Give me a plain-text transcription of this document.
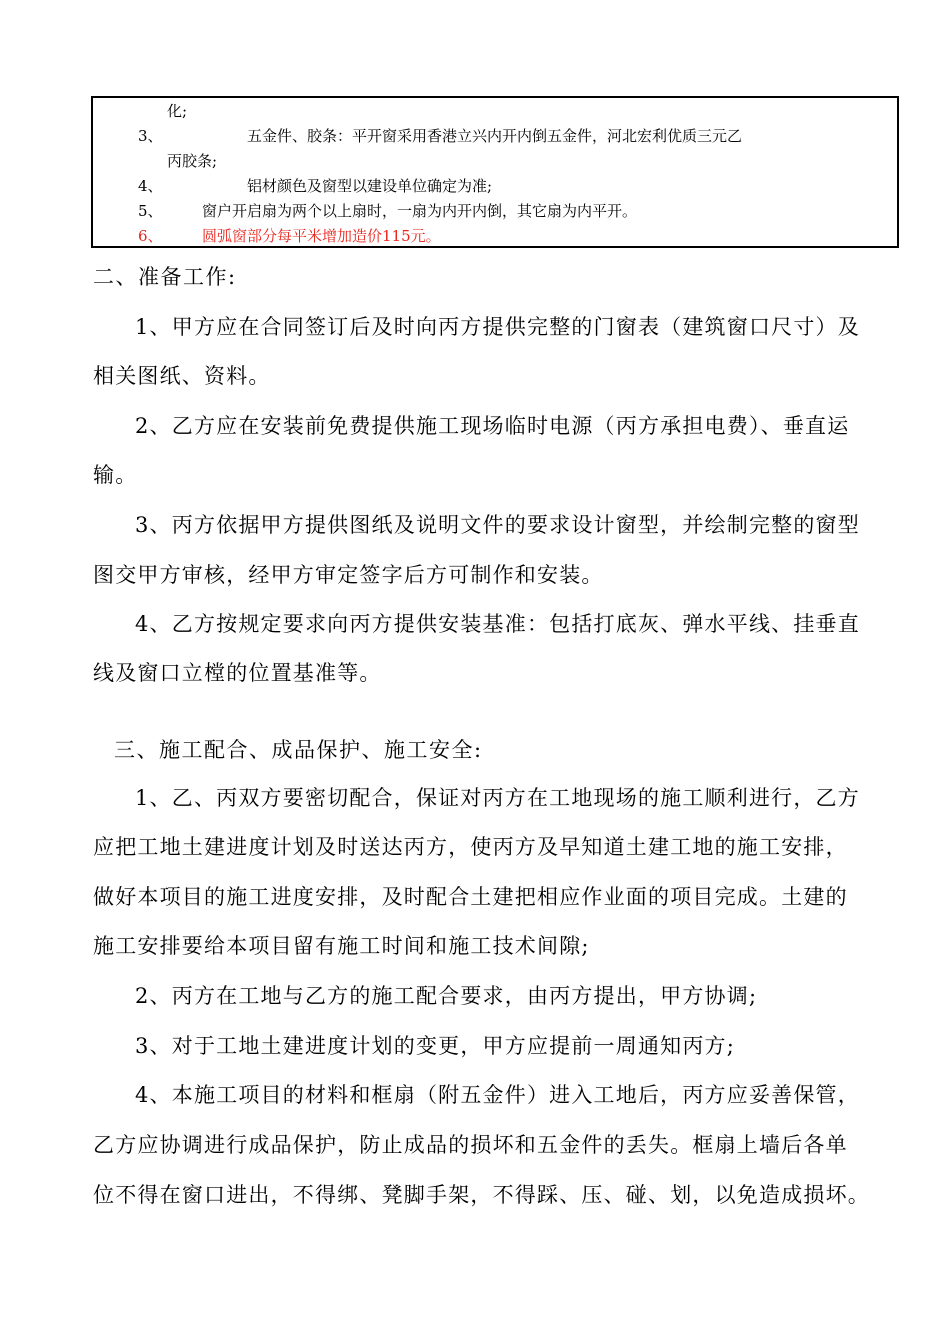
化;
3、	五金件、胶条：平开窗采用香港立兴内开内倒五金件，河北宏利优质三元乙
丙胶条;
4、	铝材颜色及窗型以建设单位确定为准;
5、	窗户开启扇为两个以上扇时，一扇为内开内倒，其它扇为内平开。
6、	圆弧窗部分每平米增加造价115元。
二、准备工作:
1、甲方应在合同签订后及时向丙方提供完整的门窗表（建筑窗口尺寸）及
相关图纸、资料。
2、乙方应在安装前免费提供施工现场临时电源（丙方承担电费）、垂直运
输。
3、丙方依据甲方提供图纸及说明文件的要求设计窗型，并绘制完整的窗型
图交甲方审核，经甲方审定签字后方可制作和安装。
4、乙方按规定要求向丙方提供安装基准：包括打底灰、弹水平线、挂垂直
线及窗口立樘的位置基准等。
三、施工配合、成品保护、施工安全:
1、乙、丙双方要密切配合，保证对丙方在工地现场的施工顺利进行，乙方
应把工地土建进度计划及时送达丙方，使丙方及早知道土建工地的施工安排，
做好本项目的施工进度安排，及时配合土建把相应作业面的项目完成。土建的
施工安排要给本项目留有施工时间和施工技术间隙;
2、丙方在工地与乙方的施工配合要求，由丙方提出，甲方协调;
3、对于工地土建进度计划的变更，甲方应提前一周通知丙方;
4、本施工项目的材料和框扇（附五金件）进入工地后，丙方应妥善保管，
乙方应协调进行成品保护，防止成品的损坏和五金件的丢失。框扇上墙后各单
位不得在窗口进出，不得绑、凳脚手架，不得踩、压、碰、划，以免造成损坏。
